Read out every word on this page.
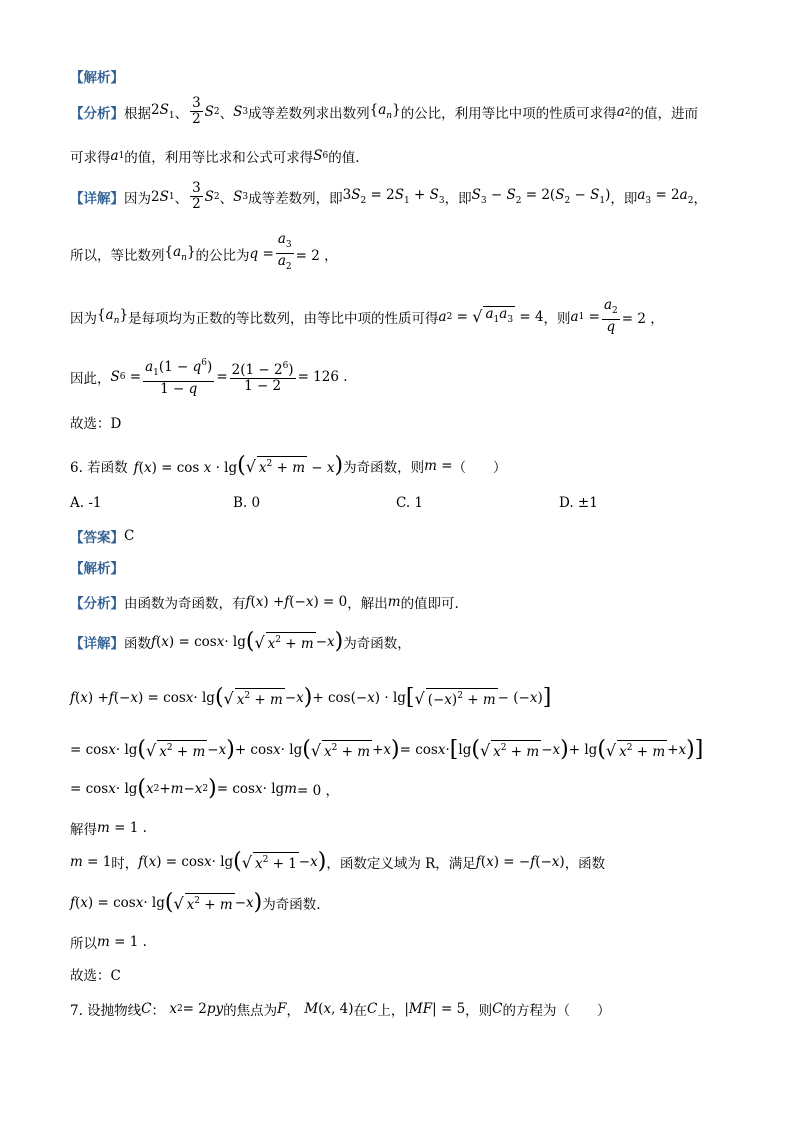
【解析】
【分析】 根据 $2S_1$ 、 $\frac{3}{2}$ S 2 、 S 3 成等差数列求出数列 $\{a_n\}$ 的公比，利用等比中项的性质可求得 a 2 的值，进而
可求得 a 1 的值，利用等比求和公式可求得 S 6 的值.
【详解】 因为 2 S 1 、 $\frac{3}{2}$ S 2 、 S 3 成等差数列，即 $3S_2 = 2S_1 + S_3$ ，即 $S_3 - S_2 = 2(S_2 - S_1)$ ，即 $a_3 = 2a_2$ ，
所以，等比数列 $\{a_n\}$ 的公比为 $q = \frac{a_3}{a_2} = 2$ ，
因为 $\{a_n\}$ 是每项均为正数的等比数列，由等比中项的性质可得 a 2 = √ $a_1a_3 = 4$ ，则 a $1 = \frac{a_2}{q} = 2$ ，
因此， S $6 = \frac{a_1(1 - q^6)}{1 - q} = \frac{2(1 - 2^6)}{1 - 2} = 126$ .
故选：D
6. 若函数 f(x) = cos x · lg(√ $x^2 + m - x$) 为奇函数，则 m = （　　）
A. -1	B. 0	C. 1	D. ±1
【答案】 C
【解析】
【分析】 由函数为奇函数，有 f ( x ) + f (− x ) = 0 ，解出 m 的值即可.
【详解】 函数 f ( x ) = cos x · lg ( √ $x^2 + m - x$ ) 为奇函数，
f ( x ) + f (− x ) = cos x · lg ( √ $x^2 + m - x$ ) + cos(− x ) · lg [ √ $(-x)^2 + m$ − (− x ) ]
= cos x · lg ( √ $x^2 + m - x$ ) + cos x · lg ( √ $x^2 + m + x$ ) = cos x · [ lg ( √ $x^2 + m - x$ ) + lg ( √ $x^2 + m + x$ ) ]
= cos x · lg ( x 2 + m − x 2 ) = cos x · lg m = 0 ，
解得 m = 1 .
m = 1 时， f ( x ) = cos x · lg ( √ $x^2 + 1 - x$ ) ，函数定义域为 R，满足 f ( x ) = − f (− x ) ，函数
f ( x ) = cos x · lg ( √ $x^2 + m - x$ ) 为奇函数.
所以 m = 1 .
故选：C
7. 设抛物线 C ： x 2 = 2 py 的焦点为 F ， M ( x , 4) 在 C 上， | MF | = 5 ，则 C 的方程为（　　）
